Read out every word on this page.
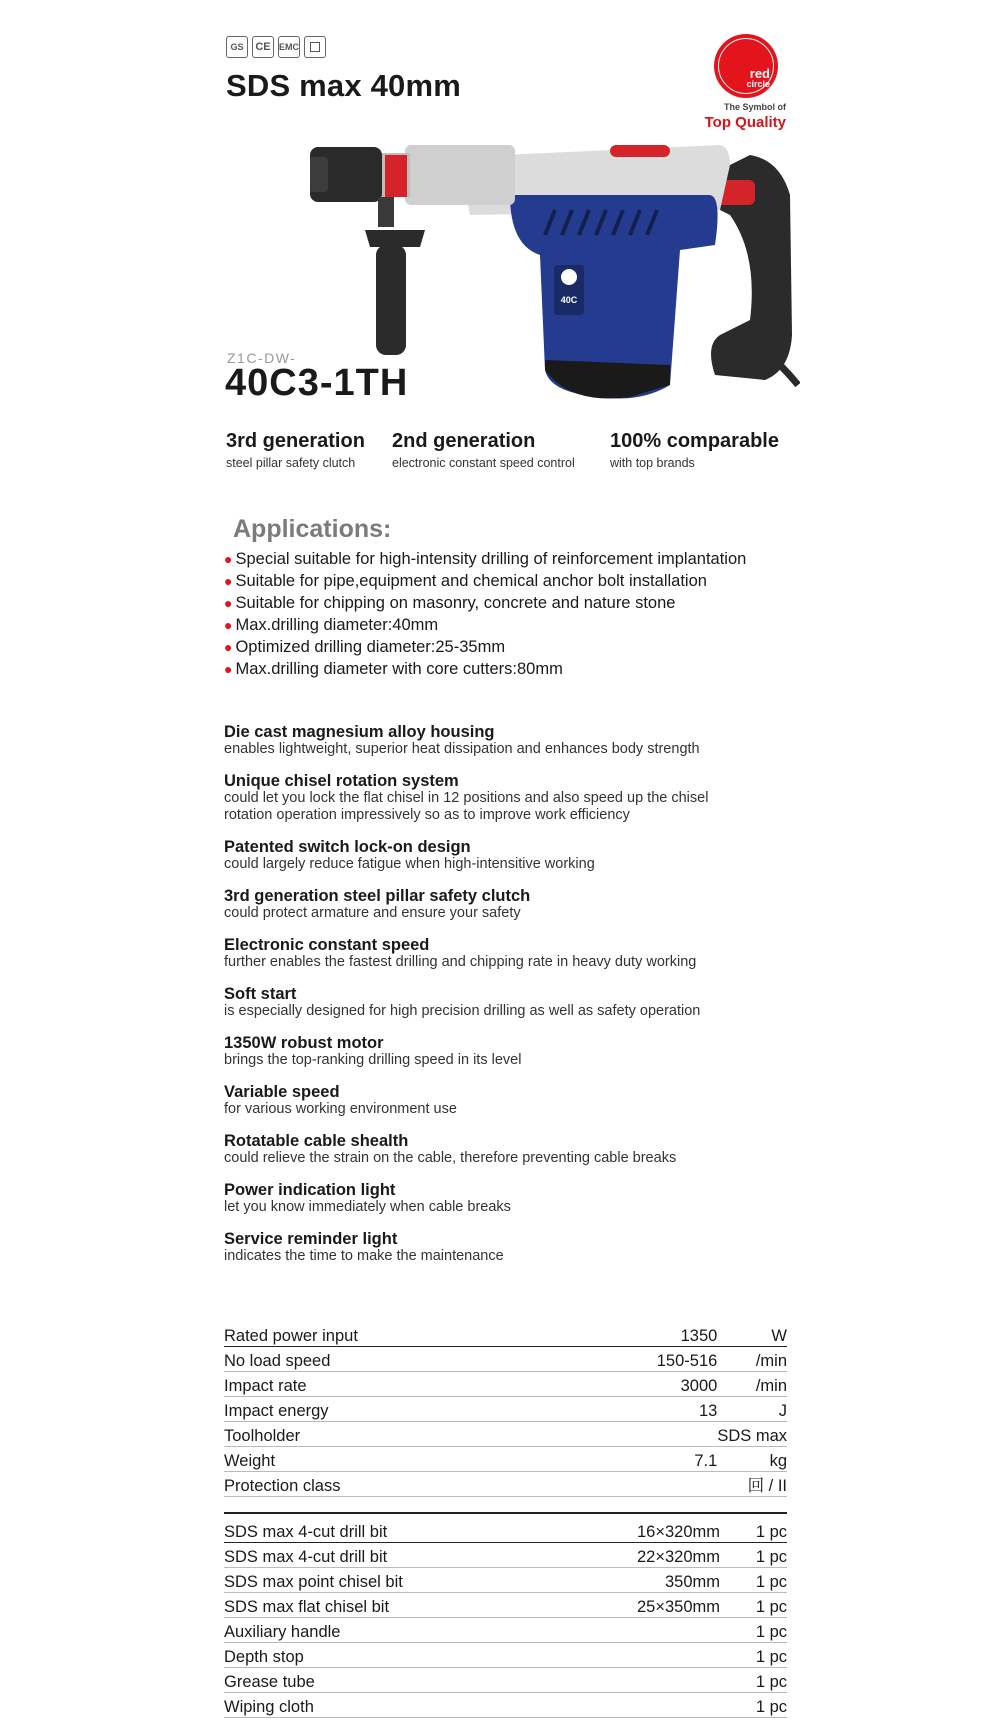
GS	CE EMC
SDS max 40mm	red
circle
The Symbol of
Top Quality
40C
Z1C-DW-
40C3-1TH
3rd generation
steel pillar safety clutch
2nd generation
electronic constant speed control
100% comparable
with top brands
Applications:
● Special suitable for high-intensity drilling of reinforcement implantation
● Suitable for pipe,equipment and chemical anchor bolt installation
● Suitable for chipping on masonry, concrete and nature stone
● Max.drilling diameter:40mm
● Optimized drilling diameter:25-35mm
● Max.drilling diameter with core cutters:80mm
Die cast magnesium alloy housing
enables lightweight, superior heat dissipation and enhances body strength
Unique chisel rotation system
could let you lock the flat chisel in 12 positions and also speed up the chisel rotation operation impressively so as to improve work efficiency
Patented switch lock-on design
could largely reduce fatigue when high-intensitive working
3rd generation steel pillar safety clutch
could protect armature and ensure your safety
Electronic constant speed
further enables the fastest drilling and chipping rate in heavy duty working
Soft start
is especially designed for high precision drilling as well as safety operation
1350W robust motor
brings the top-ranking drilling speed in its level
Variable speed
for various working environment use
Rotatable cable shealth
could relieve the strain on the cable, therefore preventing cable breaks
Power indication light
let you know immediately when cable breaks
Service reminder light
indicates the time to make the maintenance
Rated power input	1350	W
No load speed	150-516	/min
Impact rate	3000	/min
Impact energy	13	J
Toolholder		SDS max
Weight	7.1	kg
Protection class		回 / II
SDS max 4-cut drill bit	16×320mm	1 pc
SDS max 4-cut drill bit	22×320mm	1 pc
SDS max point chisel bit	350mm	1 pc
SDS max flat chisel bit	25×350mm	1 pc
Auxiliary handle		1 pc
Depth stop		1 pc
Grease tube		1 pc
Wiping cloth		1 pc
